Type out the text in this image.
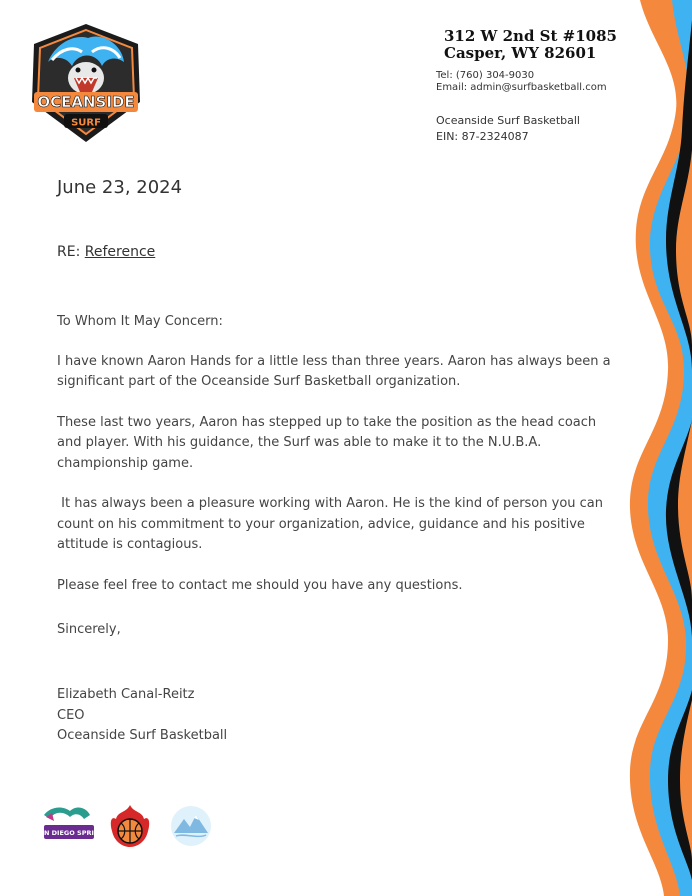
OCEANSIDE
SURF
312 W 2nd St #1085
Casper, WY 82601
Tel: (760) 304-9030
Email: admin@surfbasketball.com
Oceanside Surf Basketball
EIN: 87-2324087
June 23, 2024
RE: Reference

To Whom It May Concern:

I have known Aaron Hands for a little less than three years. Aaron has always been a significant part of the Oceanside Surf Basketball organization.

These last two years, Aaron has stepped up to take the position as the head coach and player. With his guidance, the Surf was able to make it to the N.U.B.A. championship game.

It has always been a pleasure working with Aaron. He is the kind of person you can count on his commitment to your organization, advice, guidance and his positive attitude is contagious.

Please feel free to contact me should you have any questions.

Sincerely,
Elizabeth Canal-Reitz
CEO
Oceanside Surf Basketball
SAN DIEGO SPRINT
